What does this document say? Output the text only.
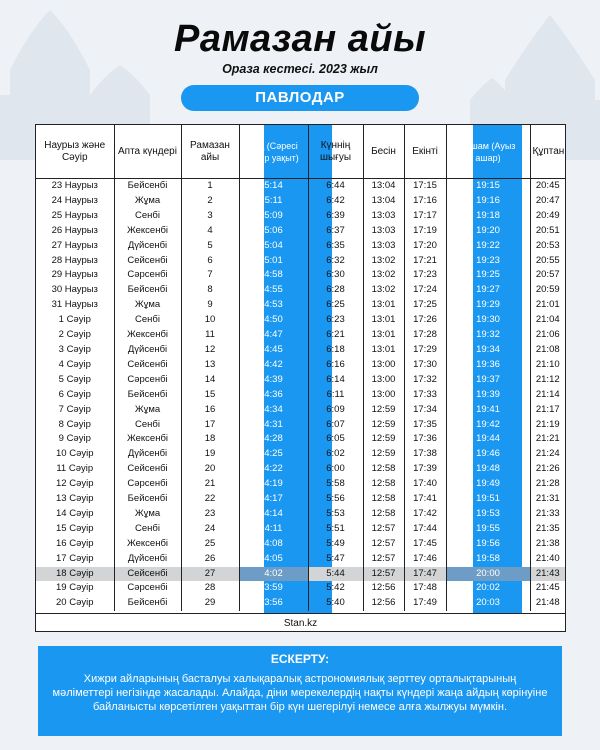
Рамазан айы
Ораза кестесі. 2023 жыл
ПАВЛОДАР
Наурыз және Сәуір	Апта күндері	Рамазан айы	Таң (Сәресі бітер уақыт)	Күннің шығуы	Бесін	Екінті	Ақшам (Ауыз ашар)	Құптан
23 Наурыз	Бейсенбі	1	5:14	6:44	13:04	17:15	19:15	20:45
24 Наурыз	Жұма	2	5:11	6:42	13:04	17:16	19:16	20:47
25 Наурыз	Сенбі	3	5:09	6:39	13:03	17:17	19:18	20:49
26 Наурыз	Жексенбі	4	5:06	6:37	13:03	17:19	19:20	20:51
27 Наурыз	Дүйсенбі	5	5:04	6:35	13:03	17:20	19:22	20:53
28 Наурыз	Сейсенбі	6	5:01	6:32	13:02	17:21	19:23	20:55
29 Наурыз	Сәрсенбі	7	4:58	6:30	13:02	17:23	19:25	20:57
30 Наурыз	Бейсенбі	8	4:55	6:28	13:02	17:24	19:27	20:59
31 Наурыз	Жұма	9	4:53	6:25	13:01	17:25	19:29	21:01
1 Сәуір	Сенбі	10	4:50	6:23	13:01	17:26	19:30	21:04
2 Сәуір	Жексенбі	11	4:47	6:21	13:01	17:28	19:32	21:06
3 Сәуір	Дүйсенбі	12	4:45	6:18	13:01	17:29	19:34	21:08
4 Сәуір	Сейсенбі	13	4:42	6:16	13:00	17:30	19:36	21:10
5 Сәуір	Сәрсенбі	14	4:39	6:14	13:00	17:32	19:37	21:12
6 Сәуір	Бейсенбі	15	4:36	6:11	13:00	17:33	19:39	21:14
7 Сәуір	Жұма	16	4:34	6:09	12:59	17:34	19:41	21:17
8 Сәуір	Сенбі	17	4:31	6:07	12:59	17:35	19:42	21:19
9 Сәуір	Жексенбі	18	4:28	6:05	12:59	17:36	19:44	21:21
10 Сәуір	Дүйсенбі	19	4:25	6:02	12:59	17:38	19:46	21:24
11 Сәуір	Сейсенбі	20	4:22	6:00	12:58	17:39	19:48	21:26
12 Сәуір	Сәрсенбі	21	4:19	5:58	12:58	17:40	19:49	21:28
13 Сәуір	Бейсенбі	22	4:17	5:56	12:58	17:41	19:51	21:31
14 Сәуір	Жұма	23	4:14	5:53	12:58	17:42	19:53	21:33
15 Сәуір	Сенбі	24	4:11	5:51	12:57	17:44	19:55	21:35
16 Сәуір	Жексенбі	25	4:08	5:49	12:57	17:45	19:56	21:38
17 Сәуір	Дүйсенбі	26	4:05	5:47	12:57	17:46	19:58	21:40
18 Сәуір	Сейсенбі	27	4:02	5:44	12:57	17:47	20:00	21:43
19 Сәуір	Сәрсенбі	28	3:59	5:42	12:56	17:48	20:02	21:45
20 Сәуір	Бейсенбі	29	3:56	5:40	12:56	17:49	20:03	21:48
Stan.kz
ЕСКЕРТУ:
Хижри айларының басталуы халықаралық астрономиялық зерттеу орталықтарының мәліметтері негізінде жасалады. Алайда, діни мерекелердің нақты күндері жаңа айдың көрінуіне байланысты көрсетілген уақыттан бір күн шегерілуі немесе алға жылжуы мүмкін.
